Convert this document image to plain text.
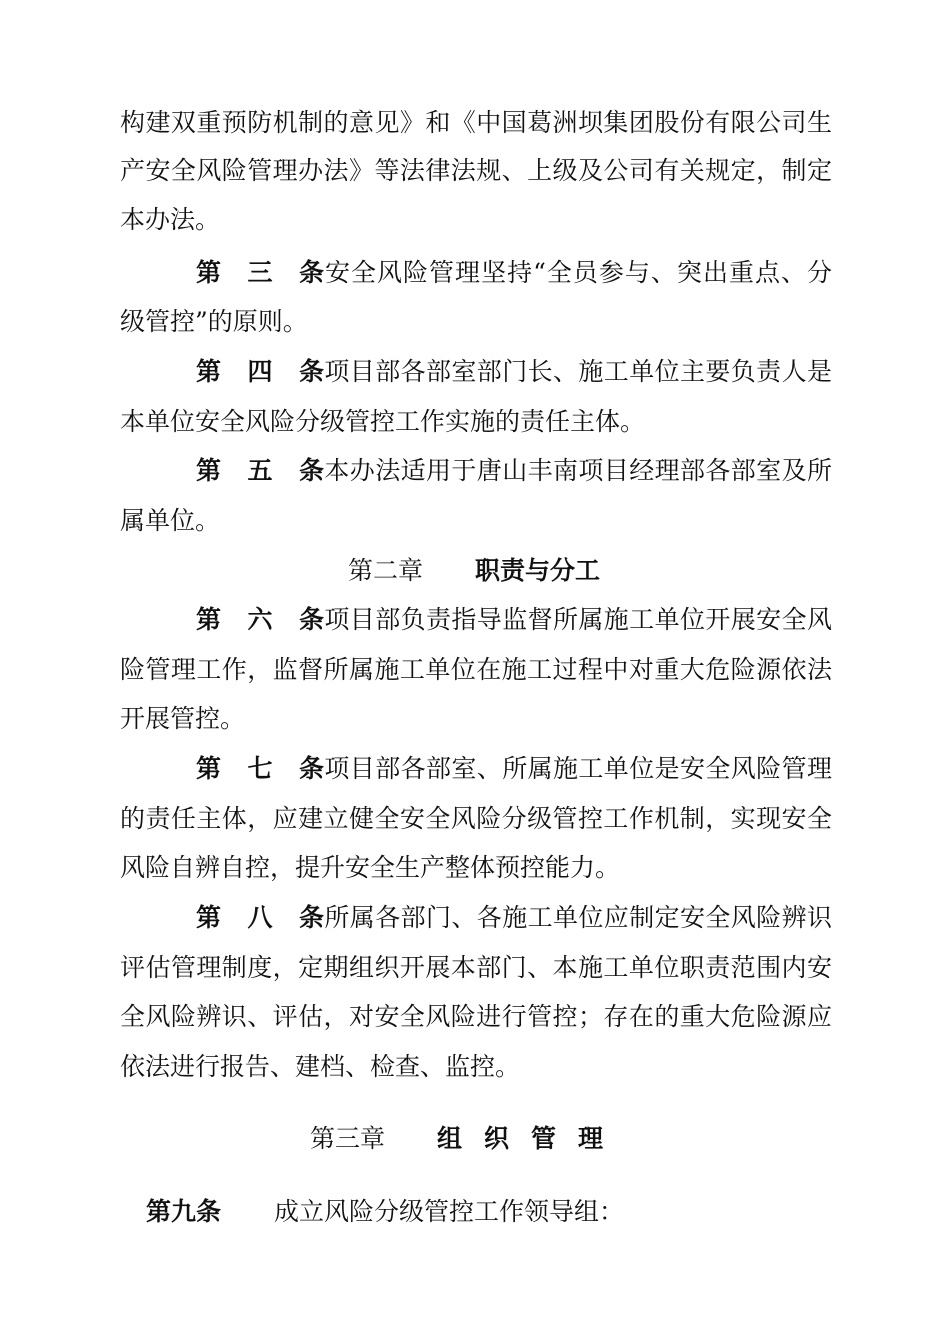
构建双重预防机制的意见》和《中国葛洲坝集团股份有限公司生
产安全风险管理办法》等法律法规、上级及公司有关规定，制定
本办法。
第三条安全风险管理坚持“全员参与、突出重点、分
级管控”的原则。
第四条项目部各部室部门长、施工单位主要负责人是
本单位安全风险分级管控工作实施的责任主体。
第五条本办法适用于唐山丰南项目经理部各部室及所
属单位。
第二章 职责与分工
第六条项目部负责指导监督所属施工单位开展安全风
险管理工作，监督所属施工单位在施工过程中对重大危险源依法
开展管控。
第七条项目部各部室、所属施工单位是安全风险管理
的责任主体，应建立健全安全风险分级管控工作机制，实现安全
风险自辨自控，提升安全生产整体预控能力。
第八条所属各部门、各施工单位应制定安全风险辨识
评估管理制度，定期组织开展本部门、本施工单位职责范围内安
全风险辨识、评估，对安全风险进行管控；存在的重大危险源应
依法进行报告、建档、检查、监控。
第三章 组织管理
第九条 成立风险分级管控工作领导组：
